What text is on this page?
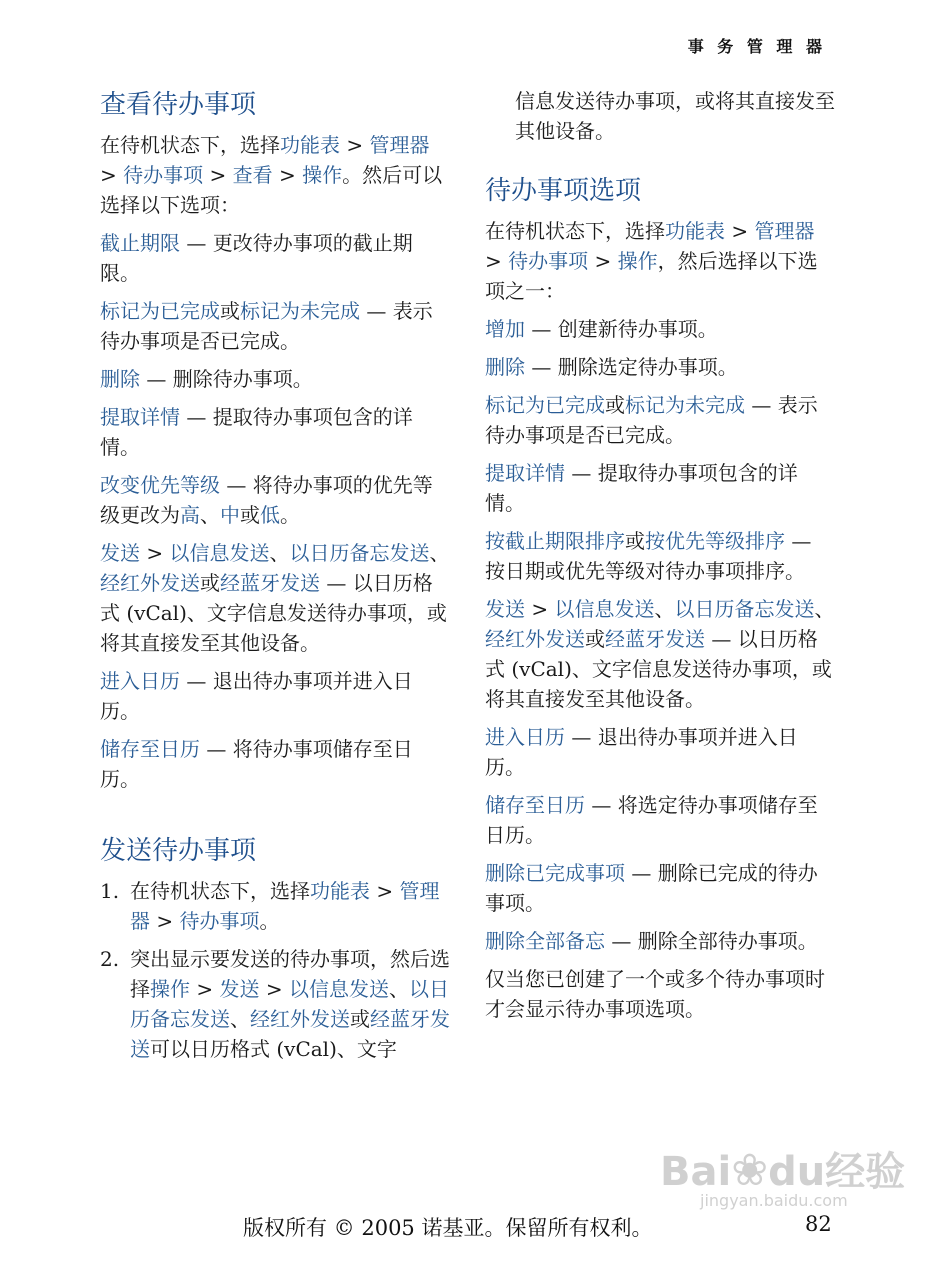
事 务 管 理 器
查看待办事项

在待机状态下，选择功能表 > 管理器 > 待办事项 > 查看 > 操作。然后可以选择以下选项：

截止期限 — 更改待办事项的截止期限。

标记为已完成或标记为未完成 — 表示待办事项是否已完成。

删除 — 删除待办事项。

提取详情 — 提取待办事项包含的详情。

改变优先等级 — 将待办事项的优先等级更改为高、中或低。

发送 > 以信息发送、以日历备忘发送、经红外发送或经蓝牙发送 — 以日历格式 (vCal)、文字信息发送待办事项，或将其直接发至其他设备。

进入日历 — 退出待办事项并进入日历。

储存至日历 — 将待办事项储存至日历。

发送待办事项
1. 在待机状态下，选择功能表 > 管理器 > 待办事项。
2. 突出显示要发送的待办事项，然后选择操作 > 发送 > 以信息发送、以日历备忘发送、经红外发送或经蓝牙发送可以日历格式 (vCal)、文字

信息发送待办事项，或将其直接发至其他设备。

待办事项选项

在待机状态下，选择功能表 > 管理器 > 待办事项 > 操作，然后选择以下选项之一：

增加 — 创建新待办事项。

删除 — 删除选定待办事项。

标记为已完成或标记为未完成 — 表示待办事项是否已完成。

提取详情 — 提取待办事项包含的详情。

按截止期限排序或按优先等级排序 — 按日期或优先等级对待办事项排序。

发送 > 以信息发送、以日历备忘发送、经红外发送或经蓝牙发送 — 以日历格式 (vCal)、文字信息发送待办事项，或将其直接发至其他设备。

进入日历 — 退出待办事项并进入日历。

储存至日历 — 将选定待办事项储存至日历。

删除已完成事项 — 删除已完成的待办事项。

删除全部备忘 — 删除全部待办事项。

仅当您已创建了一个或多个待办事项时才会显示待办事项选项。

Bai❀du经验
jingyan.baidu.com
版权所有 © 2005 诺基亚。保留所有权利。	82
